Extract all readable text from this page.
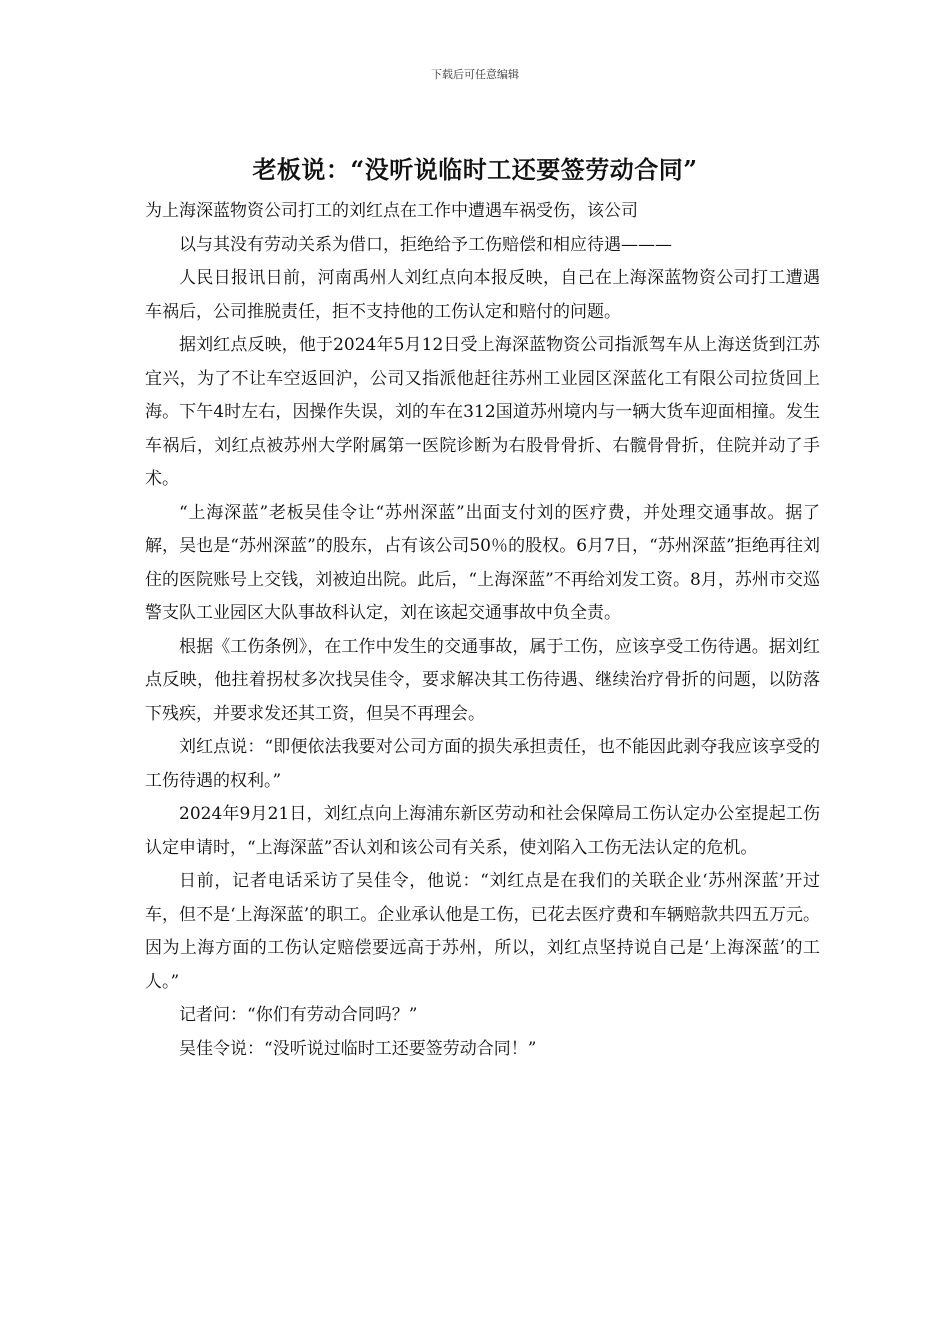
下载后可任意编辑
老板说：“没听说临时工还要签劳动合同”

为上海深蓝物资公司打工的刘红点在工作中遭遇车祸受伤，该公司

以与其没有劳动关系为借口，拒绝给予工伤赔偿和相应待遇———

人民日报讯日前，河南禹州人刘红点向本报反映，自己在上海深蓝物资公司打工遭遇车祸后，公司推脱责任，拒不支持他的工伤认定和赔付的问题。

据刘红点反映，他于2024年5月12日受上海深蓝物资公司指派驾车从上海送货到江苏宜兴，为了不让车空返回沪，公司又指派他赶往苏州工业园区深蓝化工有限公司拉货回上海。下午4时左右，因操作失误，刘的车在312国道苏州境内与一辆大货车迎面相撞。发生车祸后，刘红点被苏州大学附属第一医院诊断为右股骨骨折、右髋骨骨折，住院并动了手术。

“上海深蓝”老板吴佳令让“苏州深蓝”出面支付刘的医疗费，并处理交通事故。据了解，吴也是“苏州深蓝”的股东，占有该公司50％的股权。6月7日，“苏州深蓝”拒绝再往刘住的医院账号上交钱，刘被迫出院。此后，“上海深蓝”不再给刘发工资。8月，苏州市交巡警支队工业园区大队事故科认定，刘在该起交通事故中负全责。

根据《工伤条例》，在工作中发生的交通事故，属于工伤，应该享受工伤待遇。据刘红点反映，他拄着拐杖多次找吴佳令，要求解决其工伤待遇、继续治疗骨折的问题，以防落下残疾，并要求发还其工资，但吴不再理会。

刘红点说：“即便依法我要对公司方面的损失承担责任，也不能因此剥夺我应该享受的工伤待遇的权利。”

2024年9月21日，刘红点向上海浦东新区劳动和社会保障局工伤认定办公室提起工伤认定申请时，“上海深蓝”否认刘和该公司有关系，使刘陷入工伤无法认定的危机。

日前，记者电话采访了吴佳令，他说：“刘红点是在我们的关联企业‘苏州深蓝’开过车，但不是‘上海深蓝’的职工。企业承认他是工伤，已花去医疗费和车辆赔款共四五万元。因为上海方面的工伤认定赔偿要远高于苏州，所以，刘红点坚持说自己是‘上海深蓝’的工人。”

记者问：“你们有劳动合同吗？”

吴佳令说：“没听说过临时工还要签劳动合同！”
